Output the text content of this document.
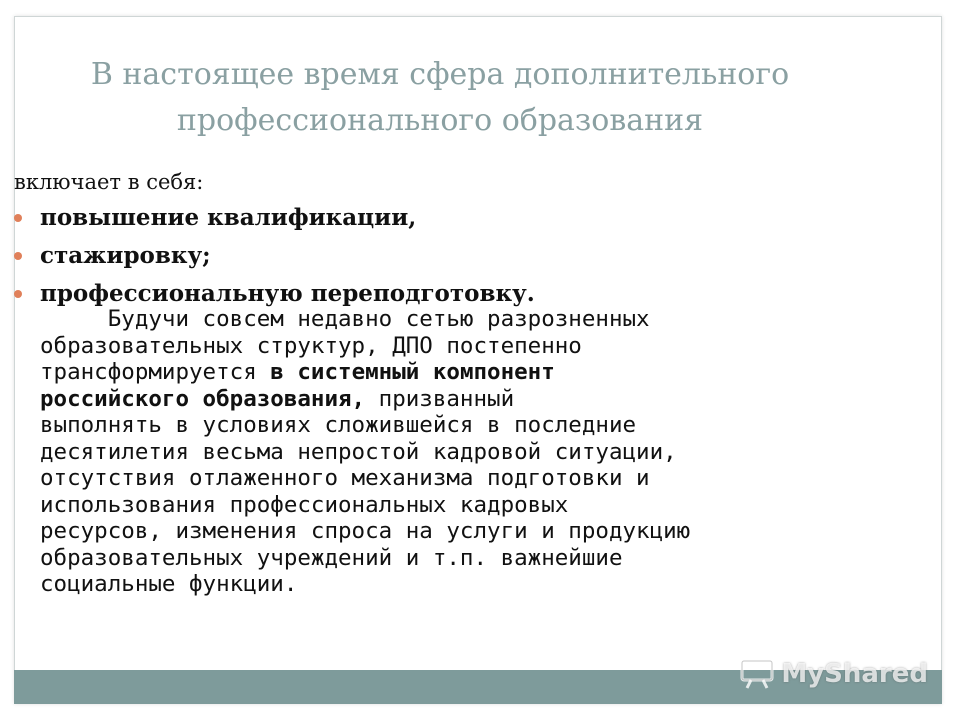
В настоящее время сфера дополнительного
профессионального образования
включает в себя:
повышение квалификации,
стажировку;
профессиональную переподготовку.
Будучи совсем недавно сетью разрозненных
образовательных структур, ДПО постепенно
трансформируется в системный компонент
российского образования, призванный
выполнять в условиях сложившейся в последние
десятилетия весьма непростой кадровой ситуации,
отсутствия отлаженного механизма подготовки и
использования профессиональных кадровых
ресурсов, изменения спроса на услуги и продукцию
образовательных учреждений и т.п. важнейшие
социальные функции.
MyShared
